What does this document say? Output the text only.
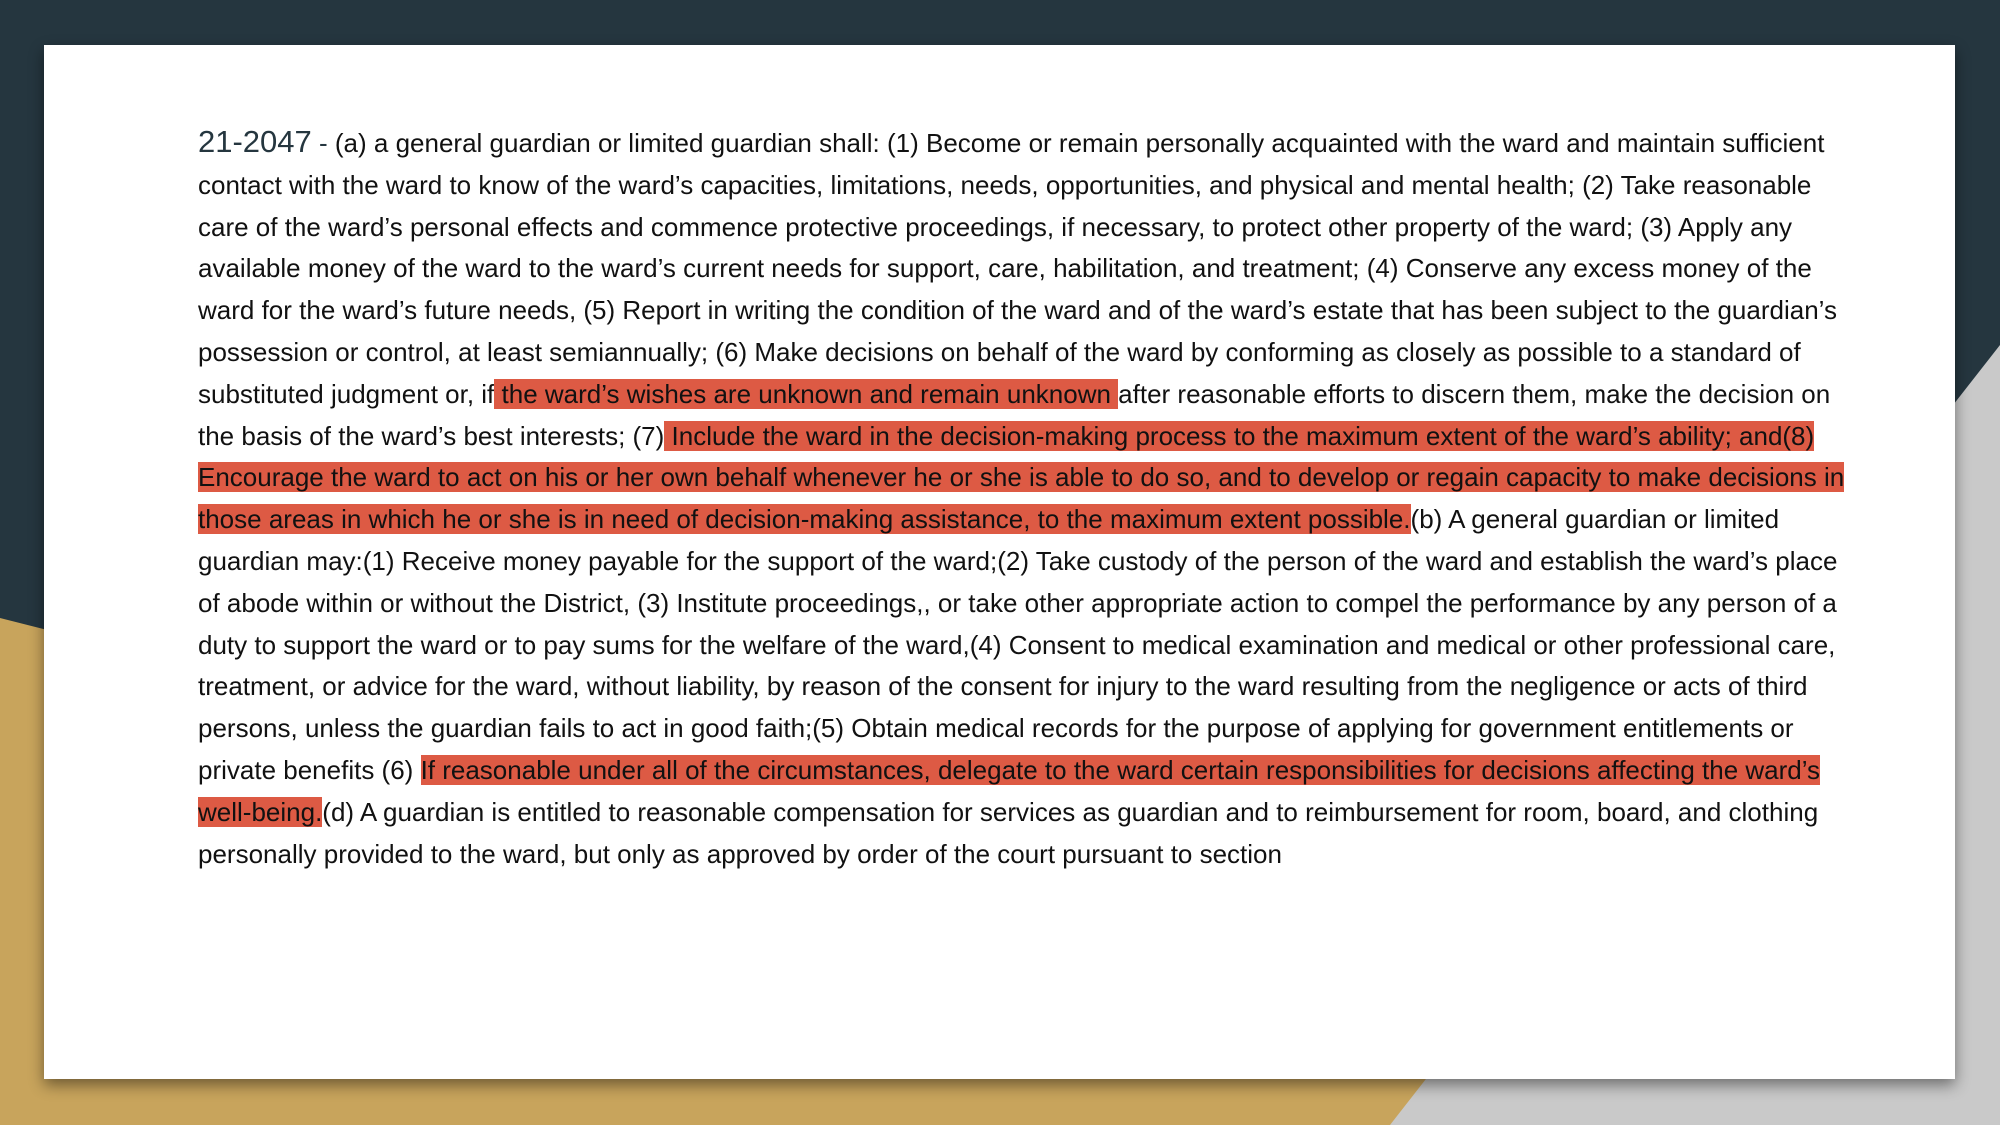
21-2047 - (a) a general guardian or limited guardian shall: (1) Become or remain personally acquainted with the ward and maintain sufficient contact with the ward to know of the ward’s capacities, limitations, needs, opportunities, and physical and mental health; (2) Take reasonable care of the ward’s personal effects and commence protective proceedings, if necessary, to protect other property of the ward; (3) Apply any available money of the ward to the ward’s current needs for support, care, habilitation, and treatment; (4) Conserve any excess money of the ward for the ward’s future needs, (5) Report in writing the condition of the ward and of the ward’s estate that has been subject to the guardian’s possession or control, at least semiannually; (6) Make decisions on behalf of the ward by conforming as closely as possible to a standard of substituted judgment or, if the ward’s wishes are unknown and remain unknown after reasonable efforts to discern them, make the decision on the basis of the ward’s best interests; (7) Include the ward in the decision-making process to the maximum extent of the ward’s ability; and(8) Encourage the ward to act on his or her own behalf whenever he or she is able to do so, and to develop or regain capacity to make decisions in those areas in which he or she is in need of decision-making assistance, to the maximum extent possible.(b) A general guardian or limited guardian may:(1) Receive money payable for the support of the ward;(2) Take custody of the person of the ward and establish the ward’s place of abode within or without the District, (3) Institute proceedings,, or take other appropriate action to compel the performance by any person of a duty to support the ward or to pay sums for the welfare of the ward,(4) Consent to medical examination and medical or other professional care, treatment, or advice for the ward, without liability, by reason of the consent for injury to the ward resulting from the negligence or acts of third persons, unless the guardian fails to act in good faith;(5) Obtain medical records for the purpose of applying for government entitlements or private benefits (6) If reasonable under all of the circumstances, delegate to the ward certain responsibilities for decisions affecting the ward’s well-being.(d) A guardian is entitled to reasonable compensation for services as guardian and to reimbursement for room, board, and clothing personally provided to the ward, but only as approved by order of the court pursuant to section
